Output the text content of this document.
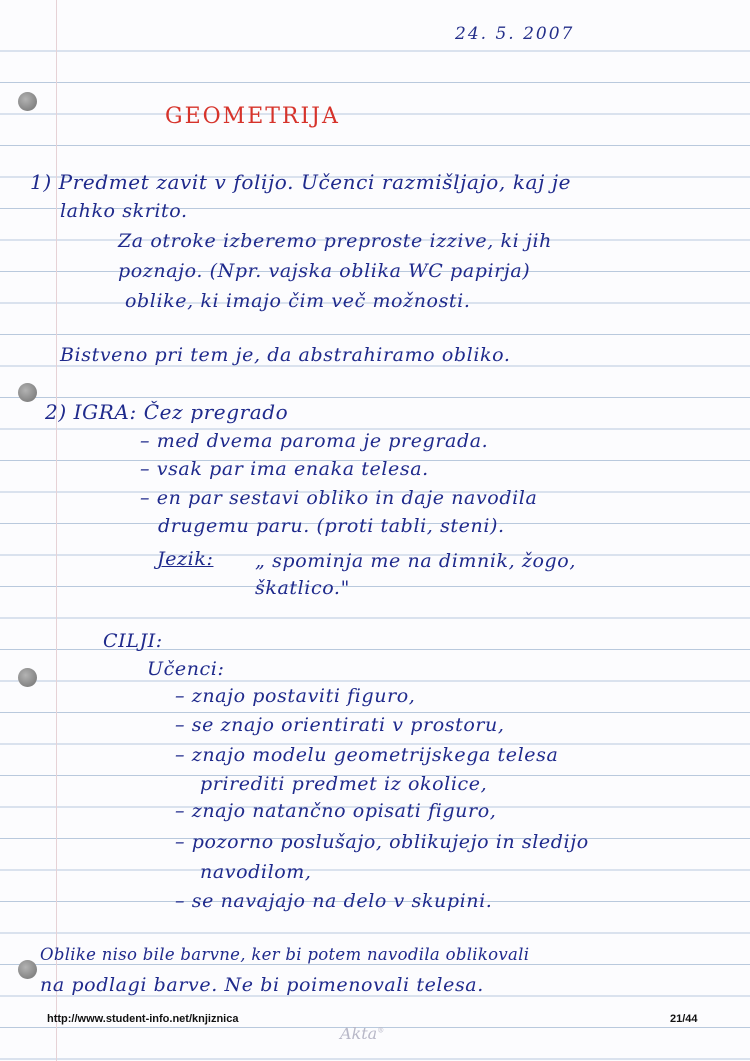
24. 5. 2007
GEOMETRIJA
1) Predmet zavit v folijo. Učenci razmišljajo, kaj je
lahko skrito.
Za otroke izberemo preproste izzive, ki jih
poznajo. (Npr. vajska oblika WC papirja)
oblike, ki imajo čim več možnosti.
Bistveno pri tem je, da abstrahiramo obliko.
2) IGRA: Čez pregrado
– med dvema paroma je pregrada.
– vsak par ima enaka telesa.
– en par sestavi obliko in daje navodila
drugemu paru. (proti tabli, steni).
Jezik: „ spominja me na dimnik, žogo,
škatlico."
CILJI:
Učenci:
– znajo postaviti figuro,
– se znajo orientirati v prostoru,
– znajo modelu geometrijskega telesa
prirediti predmet iz okolice,
– znajo natančno opisati figuro,
– pozorno poslušajo, oblikujejo in sledijo
navodilom,
– se navajajo na delo v skupini.
Oblike niso bile barvne, ker bi potem navodila oblikovali
na podlagi barve. Ne bi poimenovali telesa.
http://www.student-info.net/knjiznica	21/44
Akta®
